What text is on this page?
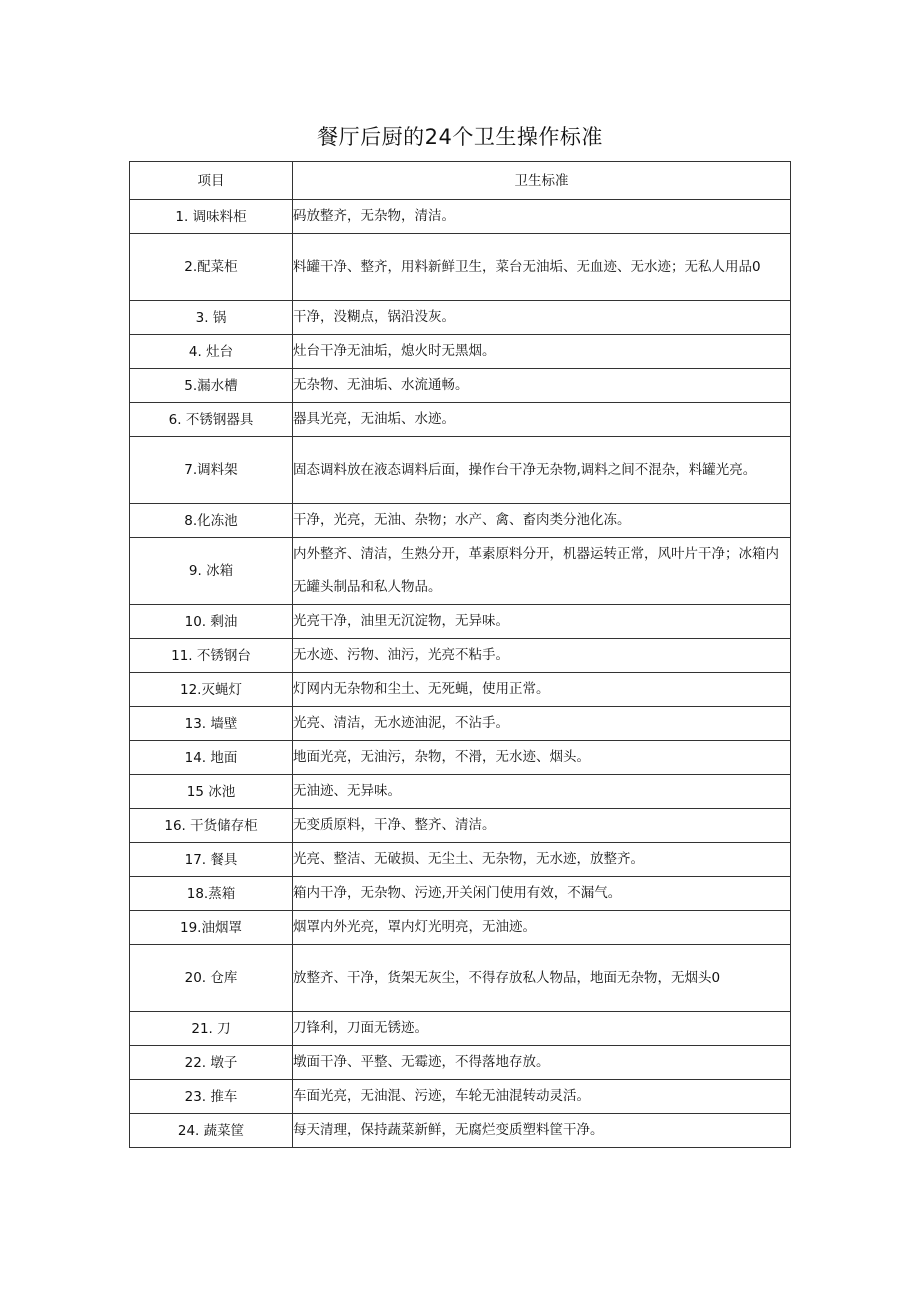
餐厅后厨的24个卫生操作标准
项目	卫生标准
1. 调味料柜	码放整齐，无杂物，清洁。
2.配菜柜	料罐干净、整齐，用料新鲜卫生，菜台无油垢、无血迹、无水迹；无私人用品0
3. 锅	干净，没糊点，锅沿没灰。
4. 灶台	灶台干净无油垢，熄火时无黑烟。
5.漏水槽	无杂物、无油垢、水流通畅。
6. 不锈钢器具	器具光亮，无油垢、水迹。
7.调料架	固态调料放在液态调料后面，操作台干净无杂物,调料之间不混杂，料罐光亮。
8.化冻池	干净，光亮，无油、杂物；水产、禽、畜肉类分池化冻。
9. 冰箱	内外整齐、清洁，生熟分开，革素原料分开，机器运转正常，风叶片干净；冰箱内无罐头制品和私人物品。
10. 剩油	光亮干净，油里无沉淀物，无异味。
11. 不锈钢台	无水迹、污物、油污，光亮不粘手。
12.灭蝇灯	灯网内无杂物和尘土、无死蝇，使用正常。
13. 墙壁	光亮、清洁，无水迹油泥，不沾手。
14. 地面	地面光亮，无油污，杂物，不滑，无水迹、烟头。
15 冰池	无油迹、无异味。
16. 干货储存柜	无变质原料，干净、整齐、清洁。
17. 餐具	光亮、整洁、无破损、无尘土、无杂物，无水迹，放整齐。
18.蒸箱	箱内干净，无杂物、污迹,开关闲门使用有效，不漏气。
19.油烟罩	烟罩内外光亮，罩内灯光明亮，无油迹。
20. 仓库	放整齐、干净，货架无灰尘，不得存放私人物品，地面无杂物，无烟头0
21. 刀	刀锋利，刀面无锈迹。
22. 墩子	墩面干净、平整、无霉迹，不得落地存放。
23. 推车	车面光亮，无油混、污迹，车轮无油混转动灵活。
24. 蔬菜筐	每天清理，保持蔬菜新鲜，无腐烂变质塑料筐干净。
